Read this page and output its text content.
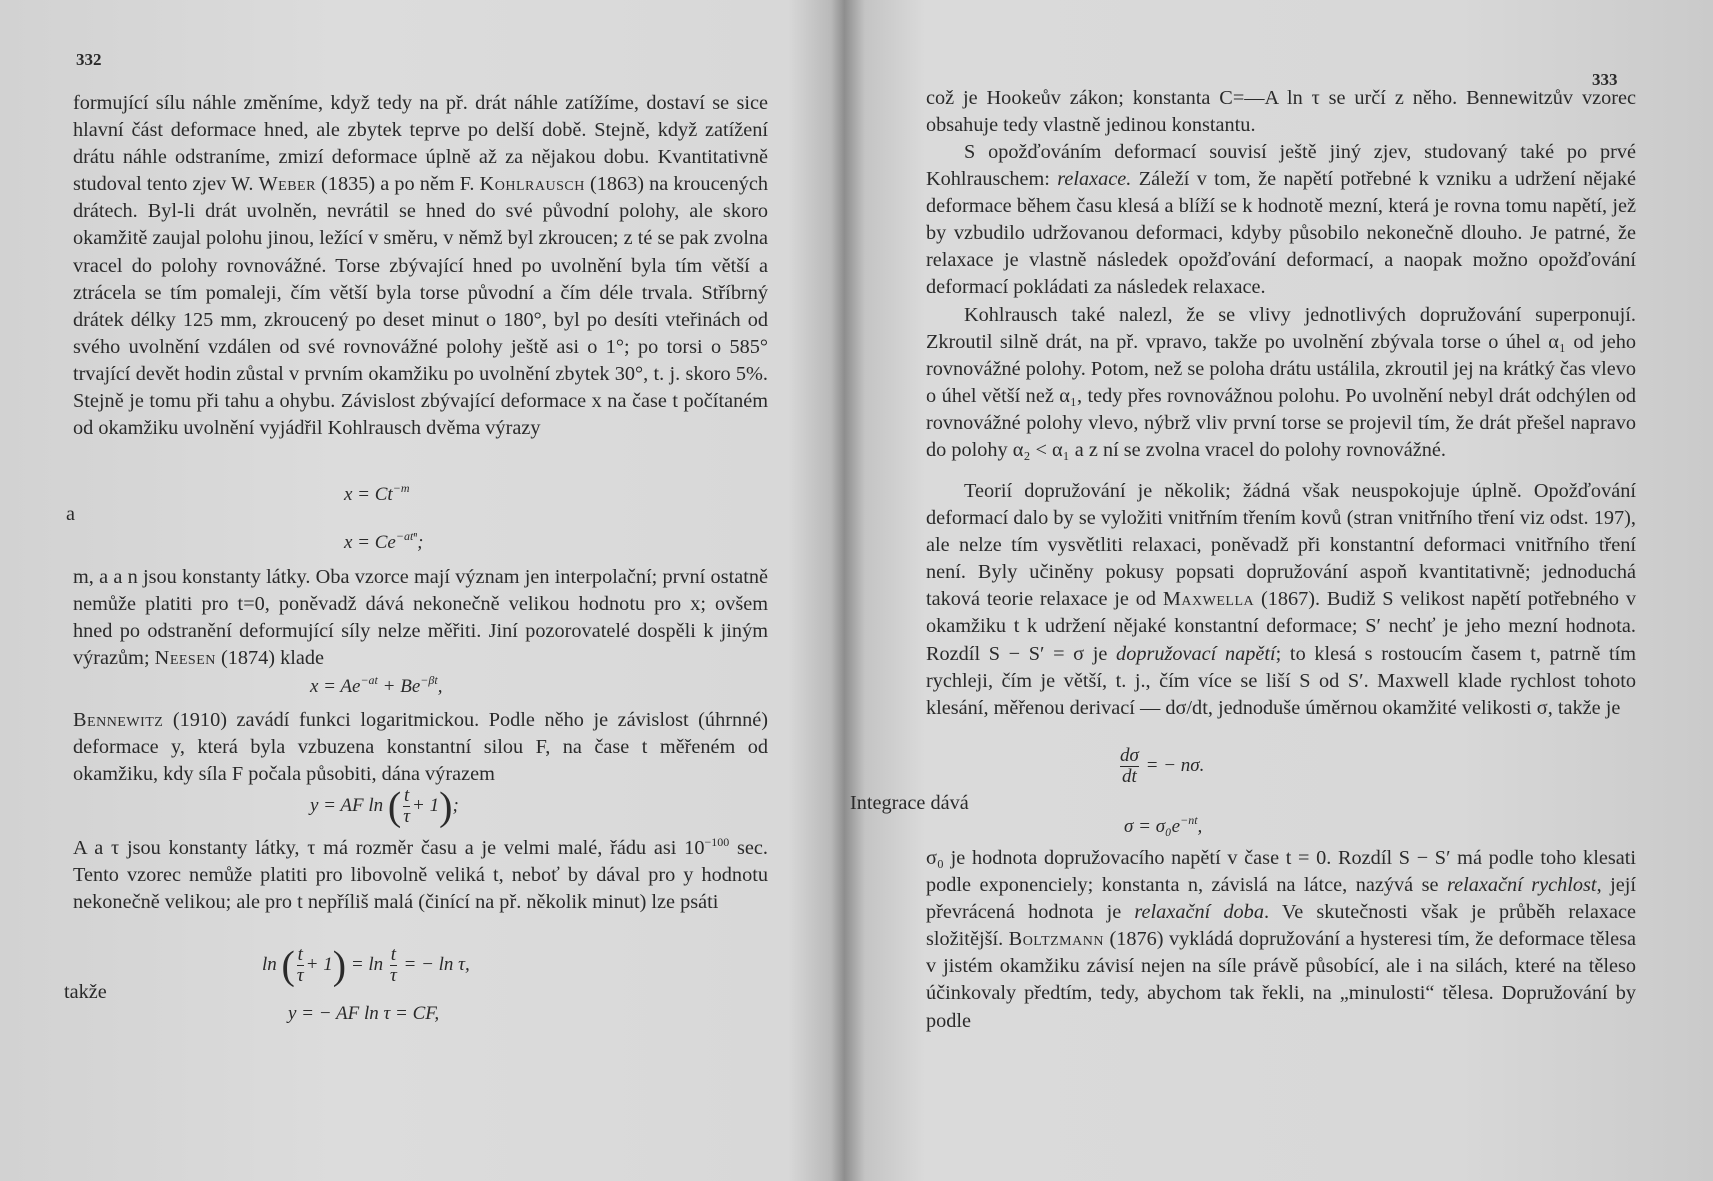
332
formující sílu náhle změníme, když tedy na př. drát náhle zatížíme, dostaví se sice hlavní část deformace hned, ale zbytek teprve po delší době. Stejně, když zatížení drátu náhle odstraníme, zmizí deformace úplně až za nějakou dobu. Kvantitativně studoval tento zjev W. Weber (1835) a po něm F. Kohlrausch (1863) na kroucených drátech. Byl-li drát uvolněn, nevrátil se hned do své původní polohy, ale skoro okamžitě zaujal polohu jinou, ležící v směru, v němž byl zkroucen; z té se pak zvolna vracel do polohy rovnovážné. Torse zbývající hned po uvolnění byla tím větší a ztrácela se tím pomaleji, čím větší byla torse původní a čím déle trvala. Stříbrný drátek délky 125 mm, zkroucený po deset minut o 180°, byl po desíti vteřinách od svého uvolnění vzdálen od své rovnovážné polohy ještě asi o 1°; po torsi o 585° trvající devět hodin zůstal v prvním okamžiku po uvolnění zbytek 30°, t. j. skoro 5%. Stejně je tomu při tahu a ohybu. Závislost zbývající deformace x na čase t počítaném od okamžiku uvolnění vyjádřil Kohlrausch dvěma výrazy
$x = Ct^{-m}$
a
$x = Ce^{-at^n}$;
m, a a n jsou konstanty látky. Oba vzorce mají význam jen interpolační; první ostatně nemůže platiti pro t=0, poněvadž dává nekonečně velikou hodnotu pro x; ovšem hned po odstranění deformující síly nelze měřiti. Jiní pozorovatelé dospěli k jiným výrazům; Neesen (1874) klade
$x = Ae^{-at} + Be^{-\beta t}$,
Bennewitz (1910) zavádí funkci logaritmickou. Podle něho je závislost (úhrnné) deformace y, která byla vzbuzena konstantní silou F, na čase t měřeném od okamžiku, kdy síla F počala působiti, dána výrazem
y = AF ln ( $\frac{t}{\tau} + 1$);
A a τ jsou konstanty látky, τ má rozměr času a je velmi malé, řádu asi $10^{-100}$ sec. Tento vzorec nemůže platiti pro libovolně veliká t, neboť by dával pro y hodnotu nekonečně velikou; ale pro t nepříliš malá (činící na př. několik minut) lze psáti
ln ( $\frac{t}{\tau} + 1) = \ln \frac{t}{\tau}$ = − ln τ,
takže
y = − AF ln τ = CF,
333
což je Hookeův zákon; konstanta C=—A ln τ se určí z něho. Bennewitzův vzorec obsahuje tedy vlastně jedinou konstantu.
S opožďováním deformací souvisí ještě jiný zjev, studovaný také po prvé Kohlrauschem: relaxace. Záleží v tom, že napětí potřebné k vzniku a udržení nějaké deformace během času klesá a blíží se k hodnotě mezní, která je rovna tomu napětí, jež by vzbudilo udržovanou deformaci, kdyby působilo nekonečně dlouho. Je patrné, že relaxace je vlastně následek opožďování deformací, a naopak možno opožďování deformací pokládati za následek relaxace.
Kohlrausch také nalezl, že se vlivy jednotlivých dopružování superponují. Zkroutil silně drát, na př. vpravo, takže po uvolnění zbývala torse o úhel α₁ od jeho rovnovážné polohy. Potom, než se poloha drátu ustálila, zkroutil jej na krátký čas vlevo o úhel větší než α₁, tedy přes rovnovážnou polohu. Po uvolnění nebyl drát odchýlen od rovnovážné polohy vlevo, nýbrž vliv první torse se projevil tím, že drát přešel napravo do polohy α₂ < α₁ a z ní se zvolna vracel do polohy rovnovážné.
Teorií dopružování je několik; žádná však neuspokojuje úplně. Opožďování deformací dalo by se vyložiti vnitřním třením kovů (stran vnitřního tření viz odst. 197), ale nelze tím vysvětliti relaxaci, poněvadž při konstantní deformaci vnitřního tření není. Byly učiněny pokusy popsati dopružování aspoň kvantitativně; jednoduchá taková teorie relaxace je od Maxwella (1867). Budiž S velikost napětí potřebného v okamžiku t k udržení nějaké konstantní deformace; S′ nechť je jeho mezní hodnota. Rozdíl S − S′ = σ je dopružovací napětí; to klesá s rostoucím časem t, patrně tím rychleji, čím je větší, t. j., čím více se liší S od S′. Maxwell klade rychlost tohoto klesání, měřenou derivací — dσ/dt, jednoduše úměrnou okamžité velikosti σ, takže je
$\frac{d\sigma}{dt}$ = − nσ.
Integrace dává
$\sigma = \sigma_0e^{-nt}$,
σ₀ je hodnota dopružovacího napětí v čase t = 0. Rozdíl S − S′ má podle toho klesati podle exponenciely; konstanta n, závislá na látce, nazývá se relaxační rychlost, její převrácená hodnota je relaxační doba. Ve skutečnosti však je průběh relaxace složitější. Boltzmann (1876) vykládá dopružování a hysteresi tím, že deformace tělesa v jistém okamžiku závisí nejen na síle právě působící, ale i na silách, které na těleso účinkovaly předtím, tedy, abychom tak řekli, na „minulosti“ tělesa. Dopružování by podle
